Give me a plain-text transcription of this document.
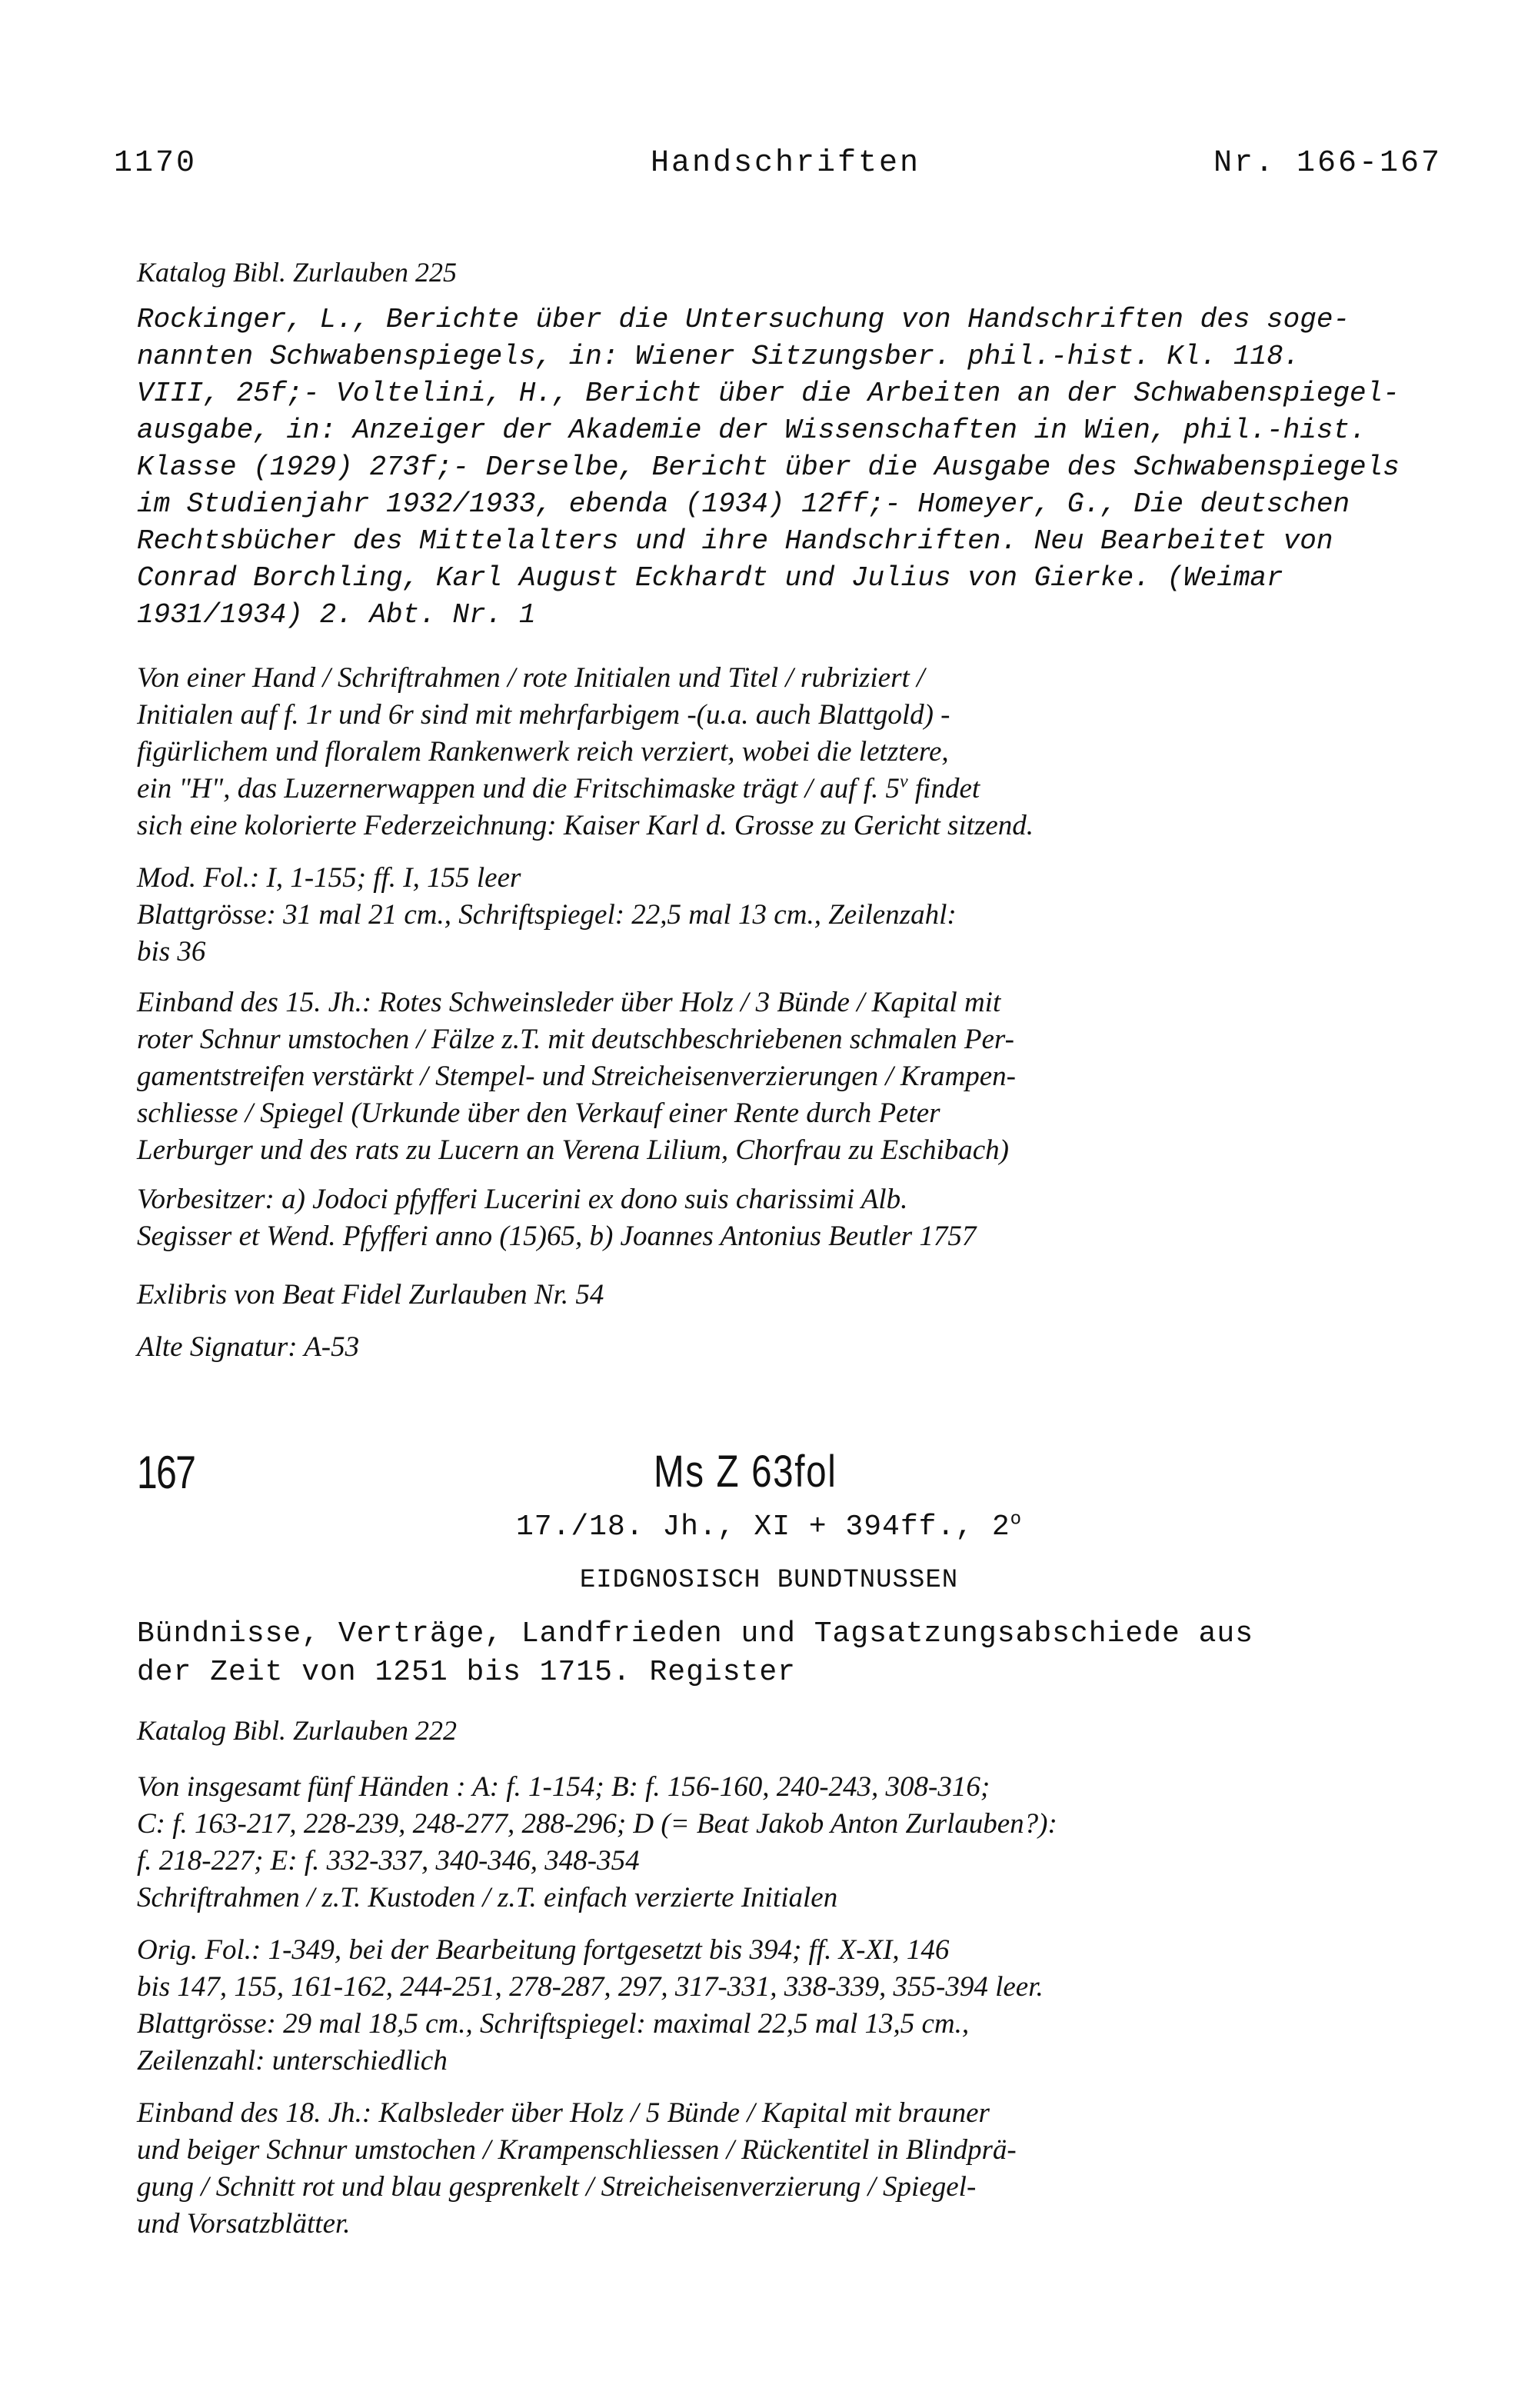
1170	Handschriften	Nr. 166-167
Katalog Bibl. Zurlauben 225
Rockinger, L., Berichte über die Untersuchung von Handschriften des soge-
nannten Schwabenspiegels, in: Wiener Sitzungsber. phil.-hist. Kl. 118.
VIII, 25f;- Voltelini, H., Bericht über die Arbeiten an der Schwabenspiegel-
ausgabe, in: Anzeiger der Akademie der Wissenschaften in Wien, phil.-hist.
Klasse (1929) 273f;- Derselbe, Bericht über die Ausgabe des Schwabenspiegels
im Studienjahr 1932/1933, ebenda (1934) 12ff;- Homeyer, G., Die deutschen
Rechtsbücher des Mittelalters und ihre Handschriften. Neu Bearbeitet von
Conrad Borchling, Karl August Eckhardt und Julius von Gierke. (Weimar
1931/1934) 2. Abt. Nr. 1
Von einer Hand / Schriftrahmen / rote Initialen und Titel / rubriziert /
Initialen auf f. 1r und 6r sind mit mehrfarbigem -(u.a. auch Blattgold) -
figürlichem und floralem Rankenwerk reich verziert, wobei die letztere,
ein "H", das Luzernerwappen und die Fritschimaske trägt / auf f. 5$^v$ findet
sich eine kolorierte Federzeichnung: Kaiser Karl d. Grosse zu Gericht sitzend.
Mod. Fol.: I, 1-155; ff. I, 155 leer
Blattgrösse: 31 mal 21 cm., Schriftspiegel: 22,5 mal 13 cm., Zeilenzahl:
bis 36
Einband des 15. Jh.: Rotes Schweinsleder über Holz / 3 Bünde / Kapital mit
roter Schnur umstochen / Fälze z.T. mit deutschbeschriebenen schmalen Per-
gamentstreifen verstärkt / Stempel- und Streicheisenverzierungen / Krampen-
schliesse / Spiegel (Urkunde über den Verkauf einer Rente durch Peter
Lerburger und des rats zu Lucern an Verena Lilium, Chorfrau zu Eschibach)
Vorbesitzer: a) Jodoci pfyfferi Lucerini ex dono suis charissimi Alb.
Segisser et Wend. Pfyfferi anno (15)65, b) Joannes Antonius Beutler 1757
Exlibris von Beat Fidel Zurlauben Nr. 54
Alte Signatur: A-53
167	Ms Z 63fol
17./18. Jh., XI + 394ff., 2$^o$
EIDGNOSISCH BUNDTNUSSEN
Bündnisse, Verträge, Landfrieden und Tagsatzungsabschiede aus
der Zeit von 1251 bis 1715. Register
Katalog Bibl. Zurlauben 222
Von insgesamt fünf Händen : A: f. 1-154; B: f. 156-160, 240-243, 308-316;
C: f. 163-217, 228-239, 248-277, 288-296; D (= Beat Jakob Anton Zurlauben?):
f. 218-227; E: f. 332-337, 340-346, 348-354
Schriftrahmen / z.T. Kustoden / z.T. einfach verzierte Initialen
Orig. Fol.: 1-349, bei der Bearbeitung fortgesetzt bis 394; ff. X-XI, 146
bis 147, 155, 161-162, 244-251, 278-287, 297, 317-331, 338-339, 355-394 leer.
Blattgrösse: 29 mal 18,5 cm., Schriftspiegel: maximal 22,5 mal 13,5 cm.,
Zeilenzahl: unterschiedlich
Einband des 18. Jh.: Kalbsleder über Holz / 5 Bünde / Kapital mit brauner
und beiger Schnur umstochen / Krampenschliessen / Rückentitel in Blindprä-
gung / Schnitt rot und blau gesprenkelt / Streicheisenverzierung / Spiegel-
und Vorsatzblätter.
